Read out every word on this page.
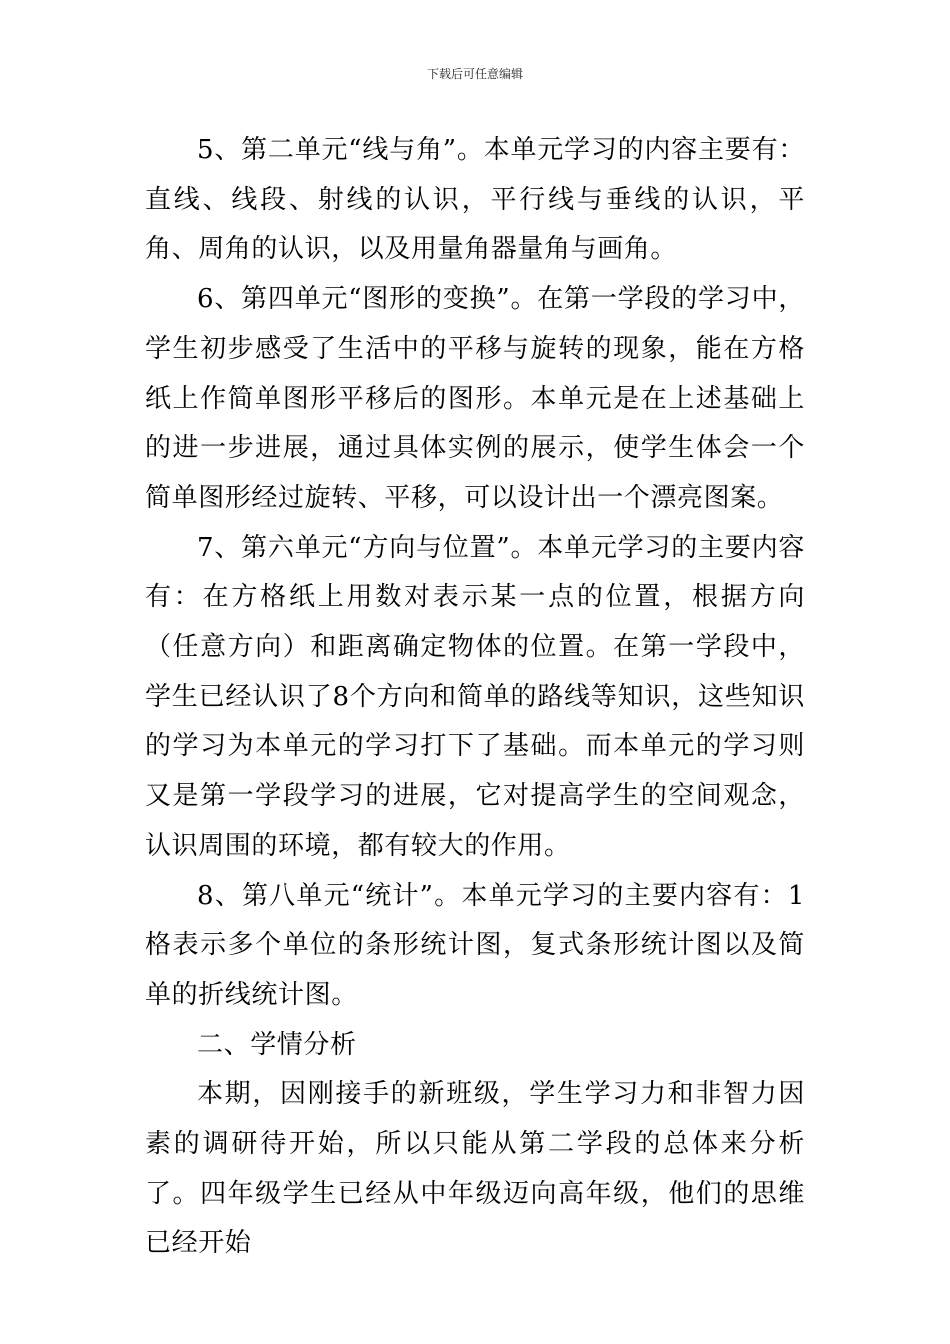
下载后可任意编辑

5、第二单元“线与角”。本单元学习的内容主要有：直线、线段、射线的认识，平行线与垂线的认识，平角、周角的认识，以及用量角器量角与画角。

6、第四单元“图形的变换”。在第一学段的学习中，学生初步感受了生活中的平移与旋转的现象，能在方格纸上作简单图形平移后的图形。本单元是在上述基础上的进一步进展，通过具体实例的展示，使学生体会一个简单图形经过旋转、平移，可以设计出一个漂亮图案。

7、第六单元“方向与位置”。本单元学习的主要内容有：在方格纸上用数对表示某一点的位置，根据方向（任意方向）和距离确定物体的位置。在第一学段中，学生已经认识了8个方向和简单的路线等知识，这些知识的学习为本单元的学习打下了基础。而本单元的学习则又是第一学段学习的进展，它对提高学生的空间观念，认识周围的环境，都有较大的作用。

8、第八单元“统计”。本单元学习的主要内容有：1格表示多个单位的条形统计图，复式条形统计图以及简单的折线统计图。

二、学情分析

本期，因刚接手的新班级，学生学习力和非智力因素的调研待开始，所以只能从第二学段的总体来分析了。四年级学生已经从中年级迈向高年级，他们的思维已经开始
